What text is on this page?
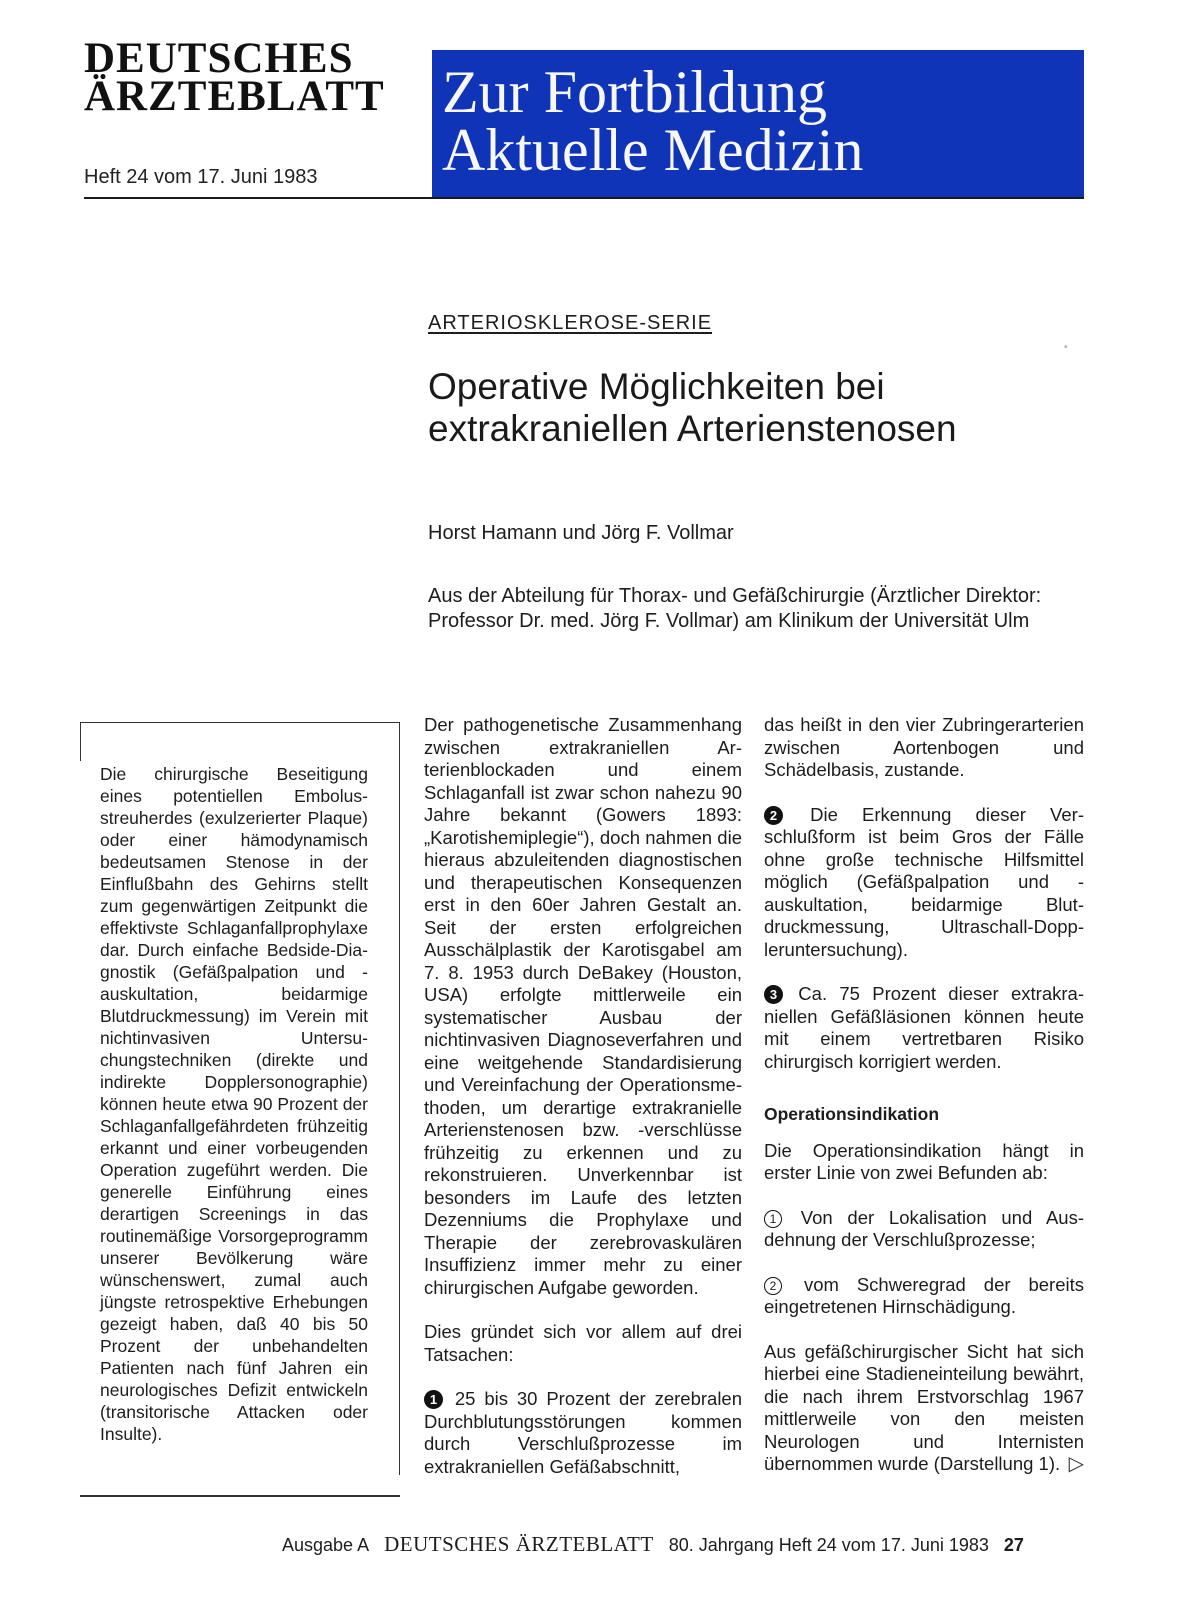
DEUTSCHES
ÄRZTEBLATT
Heft 24 vom 17. Juni 1983
Zur Fortbildung
Aktuelle Medizin
ARTERIOSKLEROSE-SERIE
Operative Möglichkeiten bei extrakraniellen Arterienstenosen
Horst Hamann und Jörg F. Vollmar
Aus der Abteilung für Thorax- und Gefäßchirurgie (Ärztlicher Direktor: Professor Dr. med. Jörg F. Vollmar) am Klinikum der Universität Ulm
•
Die chirurgische Beseitigung eines potentiellen Embolusstreuherdes (exulzerierter Plaque) oder einer hämodynamisch bedeutsamen Stenose in der Einflußbahn des Gehirns stellt zum gegenwärtigen Zeitpunkt die effektivste Schlaganfallprophylaxe dar. Durch einfache Bedside-Diagnostik (Gefäßpalpation und -auskultation, beidarmige Blutdruckmessung) im Verein mit nichtinvasiven Untersuchungstechniken (direkte und indirekte Dopplersonographie) können heute etwa 90 Prozent der Schlaganfallgefährdeten frühzeitig erkannt und einer vorbeugenden Operation zugeführt werden. Die generelle Einführung eines derartigen Screenings in das routinemäßige Vorsorgeprogramm unserer Bevölkerung wäre wünschenswert, zumal auch jüngste retrospektive Erhebungen gezeigt haben, daß 40 bis 50 Prozent der unbehandelten Patienten nach fünf Jahren ein neurologisches Defizit entwickeln (transitorische Attacken oder Insulte).

Der pathogenetische Zusammenhang zwischen extrakraniellen Arterienblockaden und einem Schlaganfall ist zwar schon nahezu 90 Jahre bekannt (Gowers 1893: „Karotishemiplegie“), doch nahmen die hieraus abzuleitenden diagnostischen und therapeutischen Konsequenzen erst in den 60er Jahren Gestalt an. Seit der ersten erfolgreichen Ausschälplastik der Karotisgabel am 7. 8. 1953 durch DeBakey (Houston, USA) erfolgte mittlerweile ein systematischer Ausbau der nichtinvasiven Diagnoseverfahren und eine weitgehende Standardisierung und Vereinfachung der Operationsmethoden, um derartige extrakranielle Arterienstenosen bzw. -verschlüsse frühzeitig zu erkennen und zu rekonstruieren. Unverkennbar ist besonders im Laufe des letzten Dezenniums die Prophylaxe und Therapie der zerebrovaskulären Insuffizienz immer mehr zu einer chirurgischen Aufgabe geworden.

Dies gründet sich vor allem auf drei Tatsachen:

1 25 bis 30 Prozent der zerebralen Durchblutungsstörungen kommen durch Verschlußprozesse im extrakraniellen Gefäßabschnitt,

das heißt in den vier Zubringerarterien zwischen Aortenbogen und Schädelbasis, zustande.

2 Die Erkennung dieser Verschlußform ist beim Gros der Fälle ohne große technische Hilfsmittel möglich (Gefäßpalpation und -auskultation, beidarmige Blutdruckmessung, Ultraschall-Doppleruntersuchung).

3 Ca. 75 Prozent dieser extrakraniellen Gefäßläsionen können heute mit einem vertretbaren Risiko chirurgisch korrigiert werden.

Operationsindikation

Die Operationsindikation hängt in erster Linie von zwei Befunden ab:

1 Von der Lokalisation und Ausdehnung der Verschlußprozesse;

2 vom Schweregrad der bereits eingetretenen Hirnschädigung.

Aus gefäßchirurgischer Sicht hat sich hierbei eine Stadieneinteilung bewährt, die nach ihrem Erstvorschlag 1967 mittlerweile von den meisten Neurologen und Internisten übernommen wurde (Darstellung 1). ▷

Ausgabe A DEUTSCHES ÄRZTEBLATT 80. Jahrgang Heft 24 vom 17. Juni 1983 27
